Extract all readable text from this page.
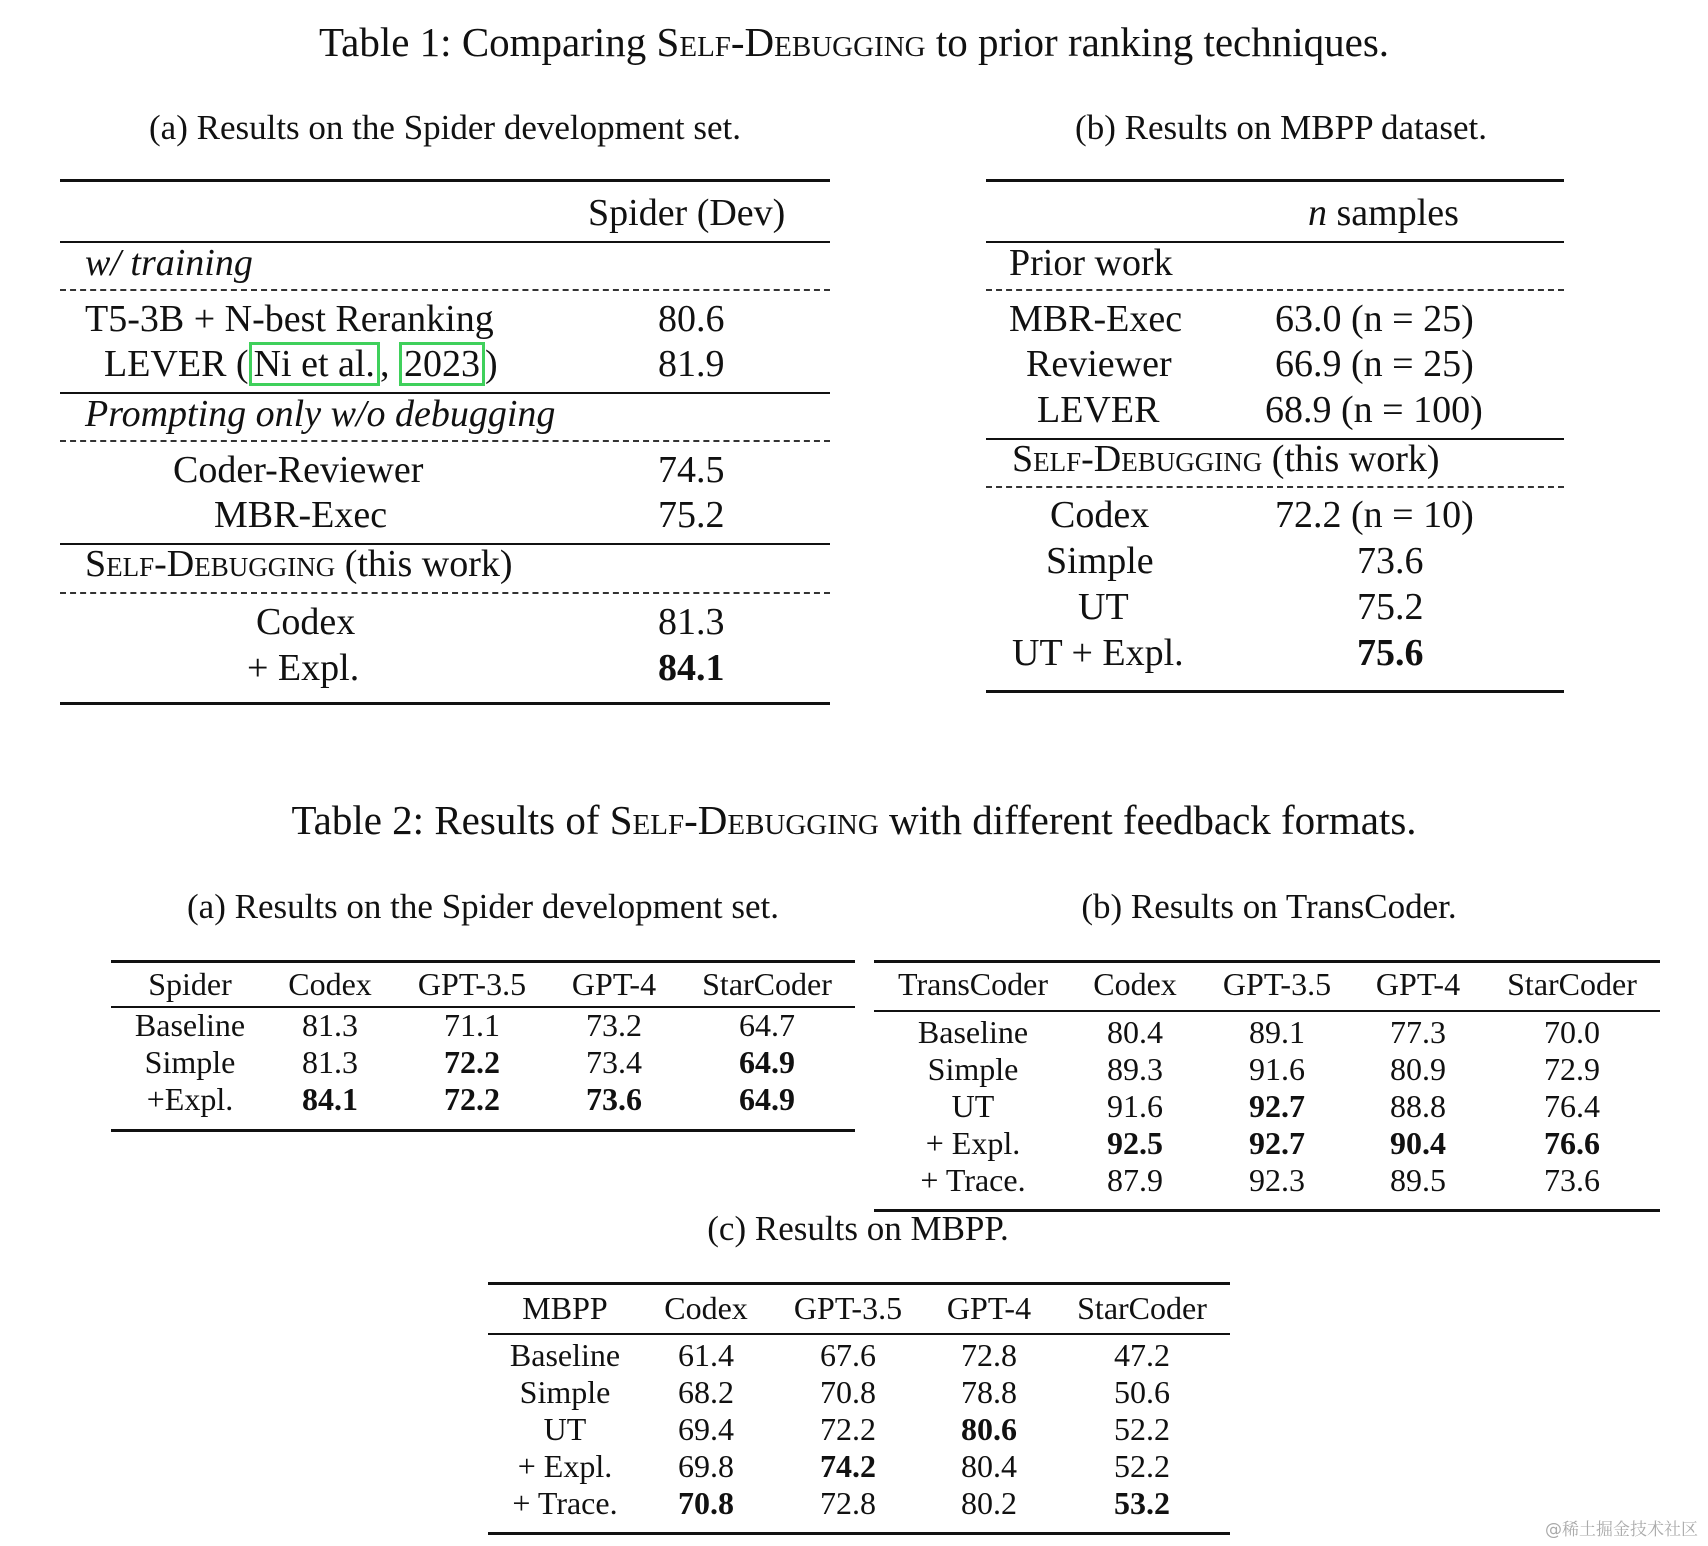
Table 1: Comparing Self-Debugging to prior ranking techniques.
(a) Results on the Spider development set.
Spider (Dev)
w/ training
T5-3B + N-best Reranking	80.6
LEVER ( Ni et al. , 2023 )	81.9
Prompting only w/o debugging
Coder-Reviewer	74.5
MBR-Exec	75.2
Self-Debugging (this work)
Codex	81.3
+ Expl.	84.1
(b) Results on MBPP dataset.
n samples
Prior work
MBR-Exec 63.0 (n = 25)
Reviewer	66.9 (n = 25)
LEVER	68.9 (n = 100)
Self-Debugging (this work)
Codex	72.2 (n = 10)
Simple	73.6
UT	75.2
UT + Expl.	75.6
Table 2: Results of Self-Debugging with different feedback formats.
(a) Results on the Spider development set.
Spider	Codex	GPT-3.5	GPT-4	StarCoder
Baseline	81.3	71.1	73.2	64.7
Simple	81.3	72.2	73.4	64.9
+Expl.	84.1	72.2	73.6	64.9
(b) Results on TransCoder.
TransCoder	Codex	GPT-3.5	GPT-4	StarCoder
Baseline	80.4	89.1	77.3	70.0
Simple	89.3	91.6	80.9	72.9
UT	91.6	92.7	88.8	76.4
+ Expl.	92.5	92.7	90.4	76.6
+ Trace.	87.9	92.3	89.5	73.6
(c) Results on MBPP.
MBPP	Codex	GPT-3.5	GPT-4	StarCoder
Baseline	61.4	67.6	72.8	47.2
Simple	68.2	70.8	78.8	50.6
UT	69.4	72.2	80.6	52.2
+ Expl.	69.8	74.2	80.4	52.2
+ Trace.	70.8	72.8	80.2	53.2
@稀土掘金技术社区
